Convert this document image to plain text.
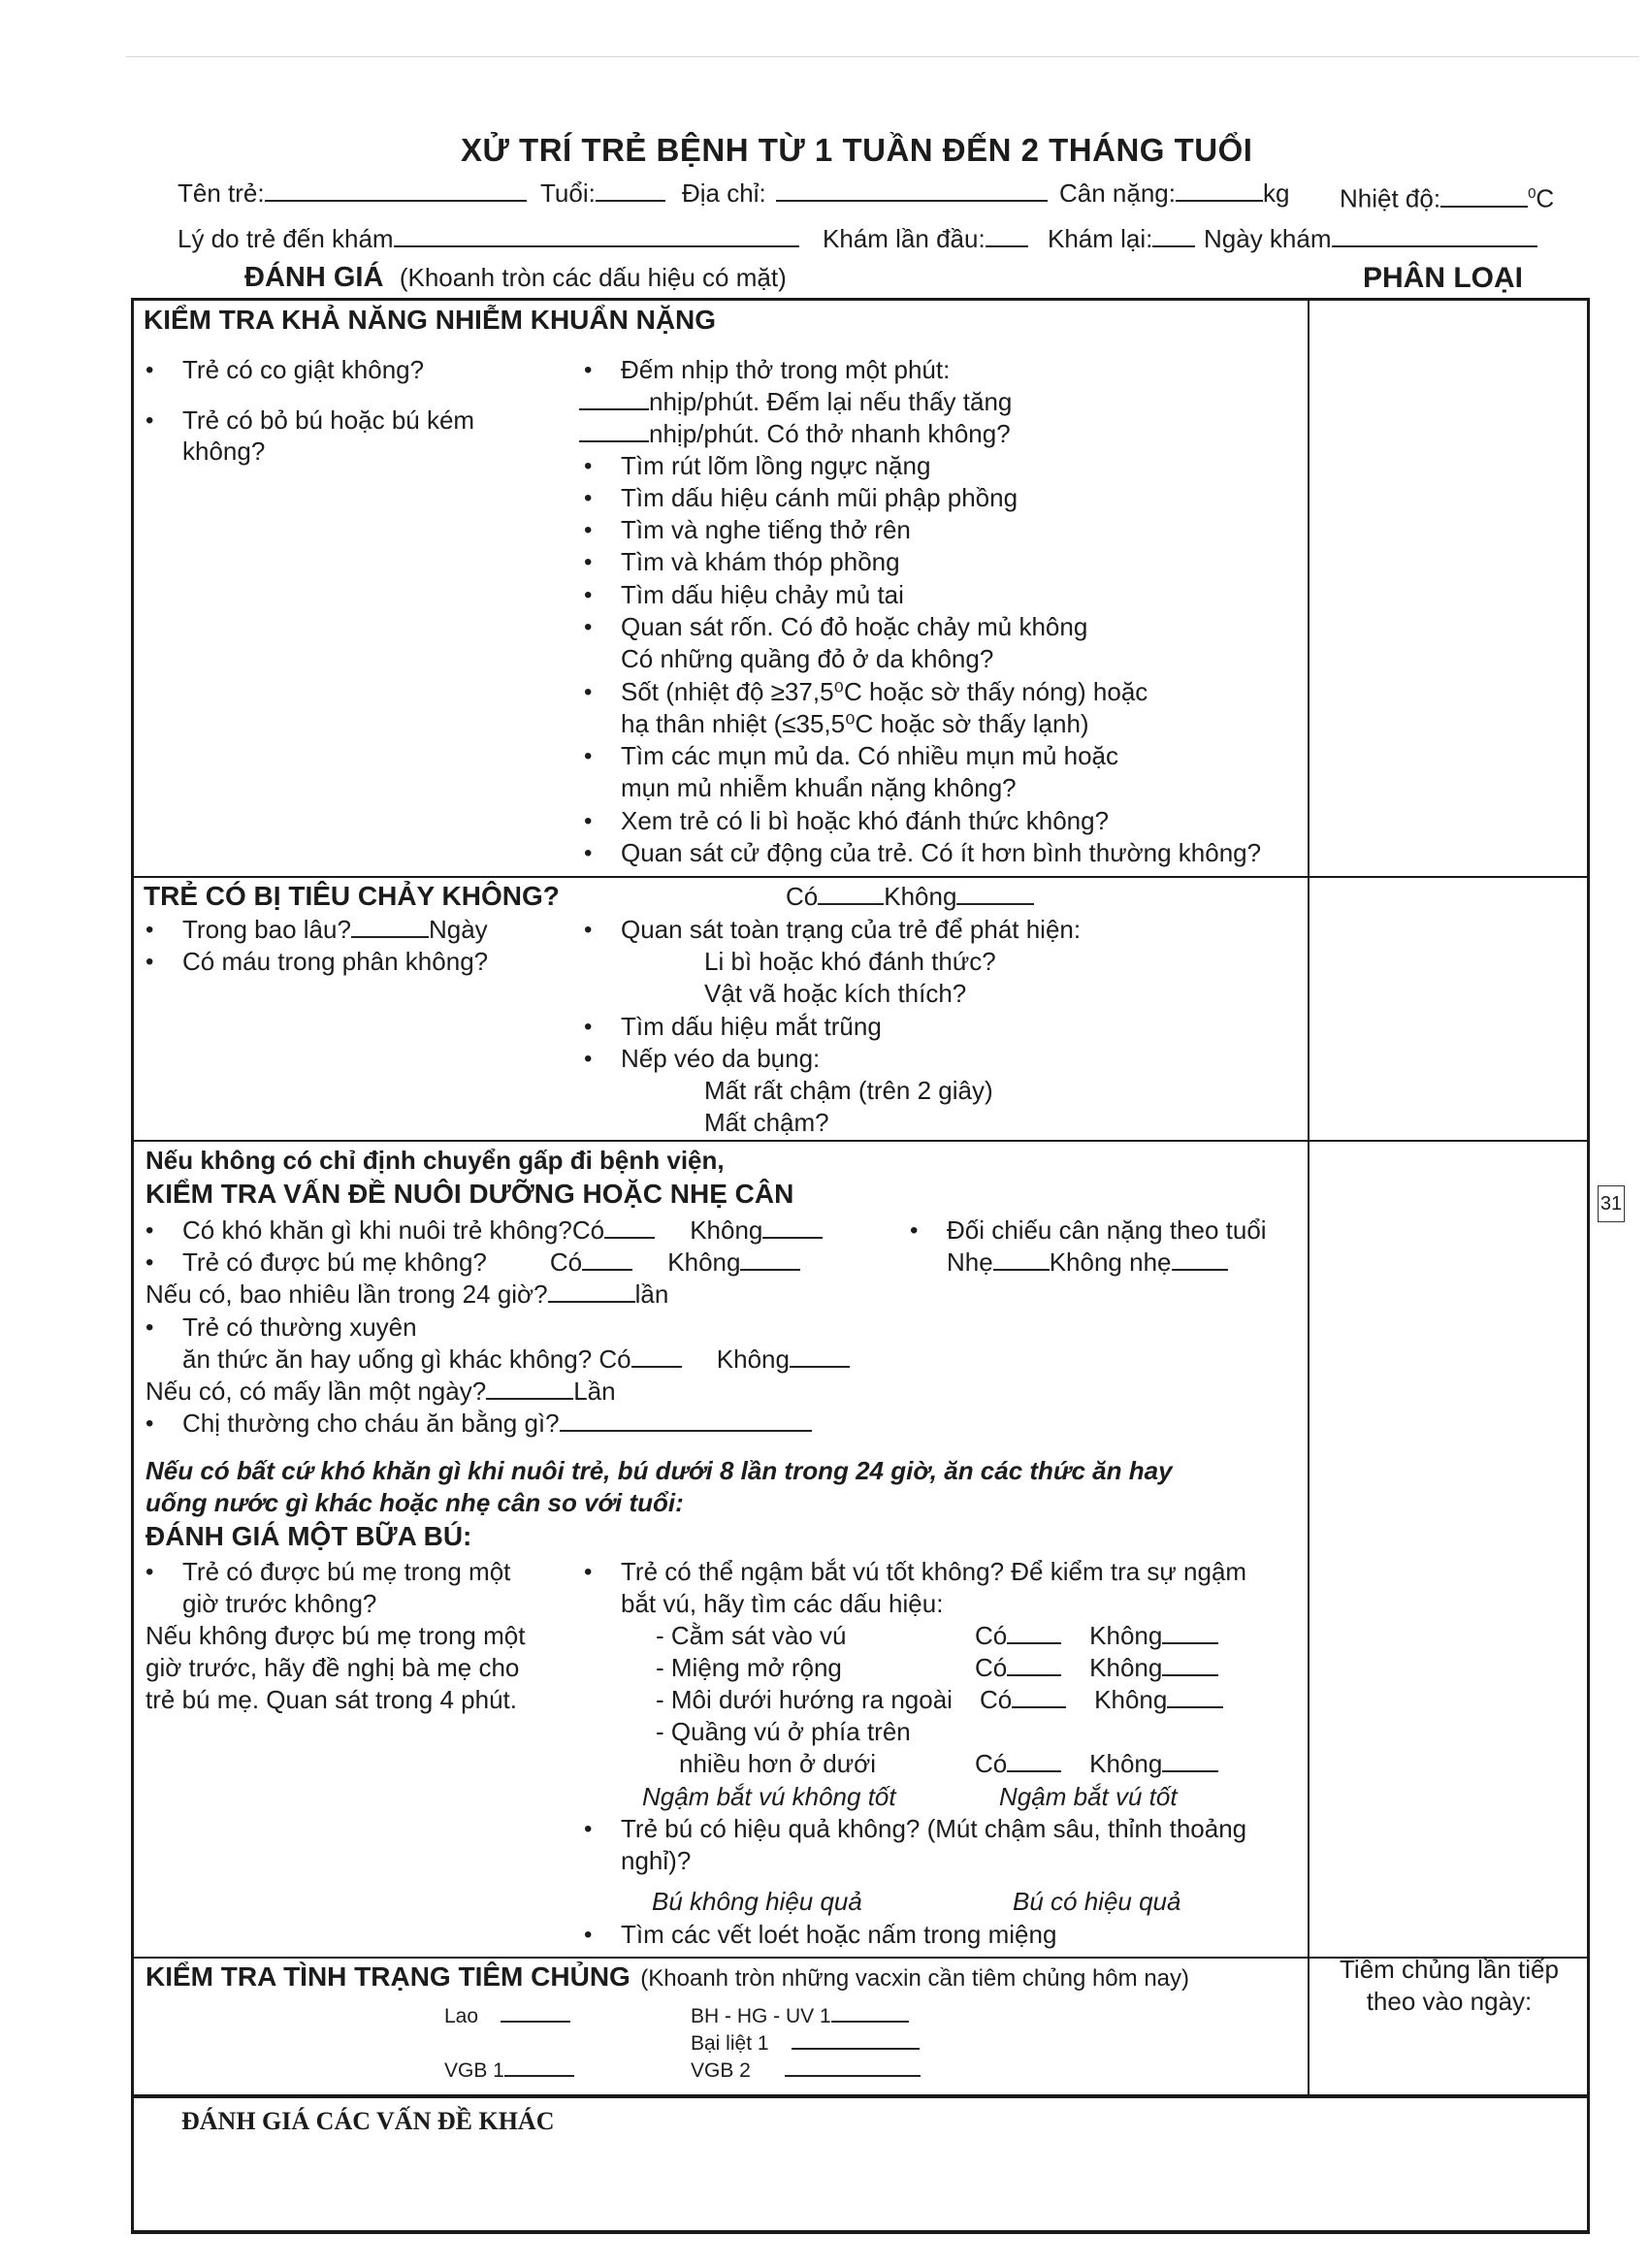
XỬ TRÍ TRẺ BỆNH TỪ 1 TUẦN ĐẾN 2 THÁNG TUỔI
Tên trẻ:	Tuổi:	Địa chỉ:	Cân nặng:	kg Nhiệt độ:	$^0$C
Lý do trẻ đến khám	Khám lần đầu:	Khám lại:	Ngày khám
ĐÁNH GIÁ (Khoanh tròn các dấu hiệu có mặt)	PHÂN LOẠI
KIỂM TRA KHẢ NĂNG NHIỄM KHUẨN NẶNG
• Trẻ có co giật không?
• Trẻ có bỏ bú hoặc bú kém
không?
• Đếm nhịp thở trong một phút:
nhịp/phút. Đếm lại nếu thấy tăng
nhịp/phút. Có thở nhanh không?
• Tìm rút lõm lồng ngực nặng
• Tìm dấu hiệu cánh mũi phập phồng
• Tìm và nghe tiếng thở rên
• Tìm và khám thóp phồng
• Tìm dấu hiệu chảy mủ tai
• Quan sát rốn. Có đỏ hoặc chảy mủ không
Có những quầng đỏ ở da không?
• Sốt (nhiệt độ ≥37,5⁰C hoặc sờ thấy nóng) hoặc
hạ thân nhiệt (≤35,5⁰C hoặc sờ thấy lạnh)
• Tìm các mụn mủ da. Có nhiều mụn mủ hoặc
mụn mủ nhiễm khuẩn nặng không?
• Xem trẻ có li bì hoặc khó đánh thức không?
• Quan sát cử động của trẻ. Có ít hơn bình thường không?
TRẺ CÓ BỊ TIÊU CHẢY KHÔNG?	Có	Không
• Trong bao lâu?	Ngày
• Có máu trong phân không?
• Quan sát toàn trạng của trẻ để phát hiện:
Li bì hoặc khó đánh thức?
Vật vã hoặc kích thích?
• Tìm dấu hiệu mắt trũng
• Nếp véo da bụng:
Mất rất chậm (trên 2 giây)
Mất chậm?
Nếu không có chỉ định chuyển gấp đi bệnh viện,
KIỂM TRA VẤN ĐỀ NUÔI DƯỠNG HOẶC NHẸ CÂN
• Có khó khăn gì khi nuôi trẻ không?Có	Không
• Trẻ có được bú mẹ không?	Có	Không
Nếu có, bao nhiêu lần trong 24 giờ?	lần
• Trẻ có thường xuyên
ăn thức ăn hay uống gì khác không? Có	Không
Nếu có, có mấy lần một ngày?	Lần
• Chị thường cho cháu ăn bằng gì?
• Đối chiếu cân nặng theo tuổi
Nhẹ Không nhẹ
Nếu có bất cứ khó khăn gì khi nuôi trẻ, bú dưới 8 lần trong 24 giờ, ăn các thức ăn hay
uống nước gì khác hoặc nhẹ cân so với tuổi:
ĐÁNH GIÁ MỘT BỮA BÚ:
• Trẻ có được bú mẹ trong một
giờ trước không?
Nếu không được bú mẹ trong một
giờ trước, hãy đề nghị bà mẹ cho
trẻ bú mẹ. Quan sát trong 4 phút.
• Trẻ có thể ngậm bắt vú tốt không? Để kiểm tra sự ngậm
bắt vú, hãy tìm các dấu hiệu:
- Cằm sát vào vú	Có	Không
- Miệng mở rộng	Có	Không
- Môi dưới hướng ra ngoài Có	Không
- Quầng vú ở phía trên
nhiều hơn ở dưới	Có	Không
Ngậm bắt vú không tốt	Ngậm bắt vú tốt
• Trẻ bú có hiệu quả không? (Mút chậm sâu, thỉnh thoảng
nghỉ)?
Bú không hiệu quả	Bú có hiệu quả
• Tìm các vết loét hoặc nấm trong miệng
KIỂM TRA TÌNH TRẠNG TIÊM CHỦNG (Khoanh tròn những vacxin cần tiêm chủng hôm nay)
Lao	BH - HG - UV 1
Bại liệt 1
VGB 1	VGB 2
Tiêm chủng lần tiếp
theo vào ngày:
ĐÁNH GIÁ CÁC VẤN ĐỀ KHÁC
31
